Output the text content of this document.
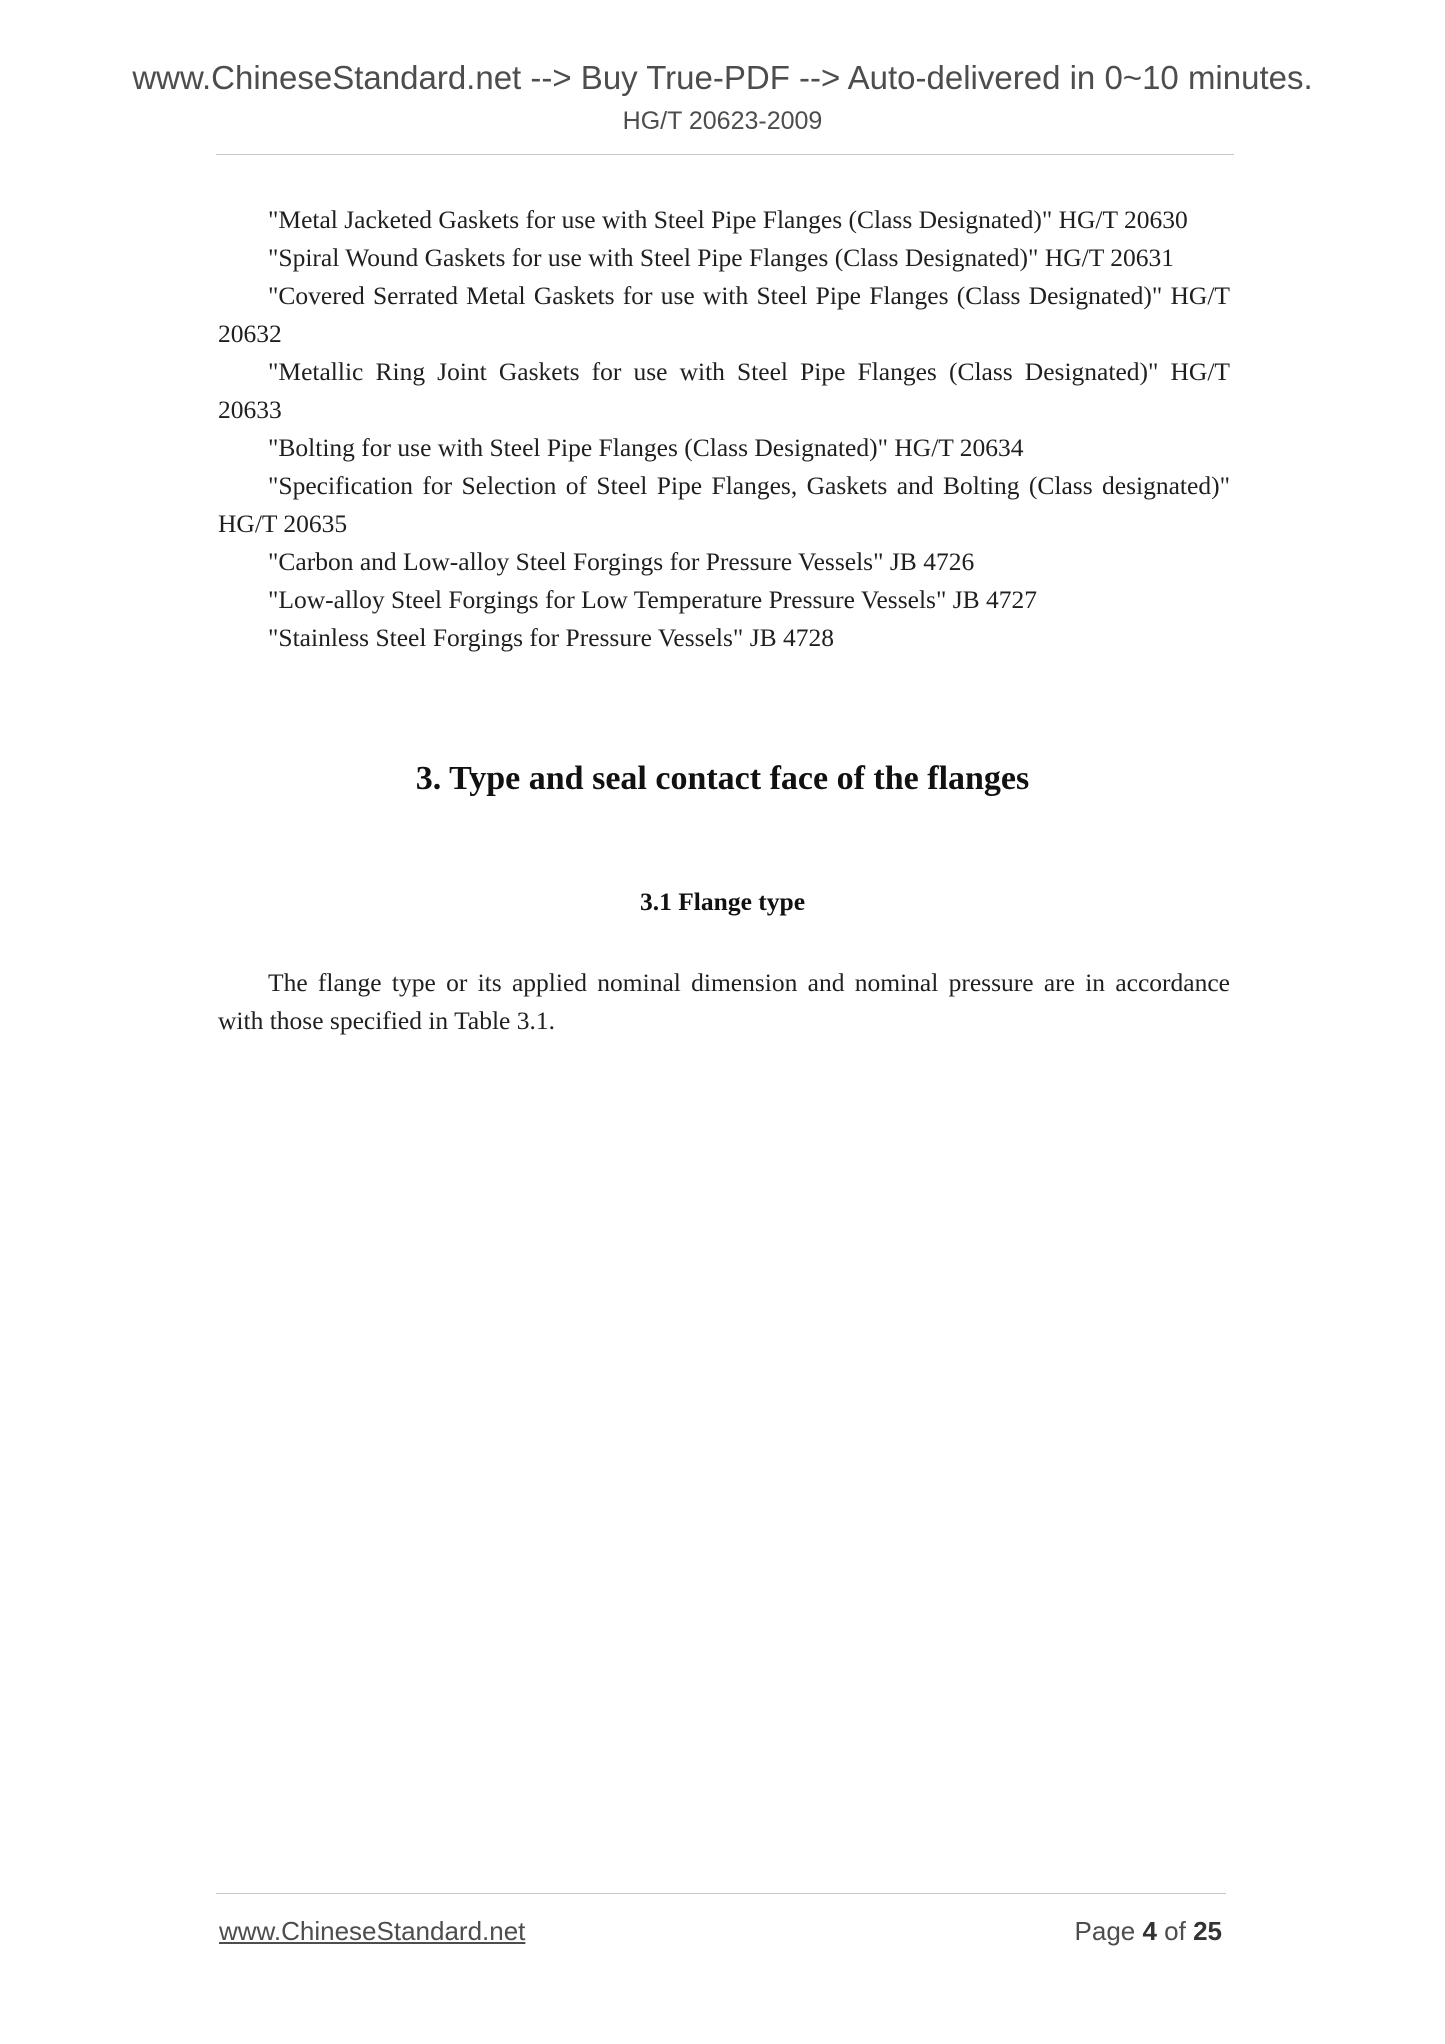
www.ChineseStandard.net --> Buy True-PDF --> Auto-delivered in 0~10 minutes.
HG/T 20623-2009

"Metal Jacketed Gaskets for use with Steel Pipe Flanges (Class Designated)" HG/T 20630

"Spiral Wound Gaskets for use with Steel Pipe Flanges (Class Designated)" HG/T 20631

"Covered Serrated Metal Gaskets for use with Steel Pipe Flanges (Class Designated)" HG/T 20632

"Metallic Ring Joint Gaskets for use with Steel Pipe Flanges (Class Designated)" HG/T 20633

"Bolting for use with Steel Pipe Flanges (Class Designated)" HG/T 20634

"Specification for Selection of Steel Pipe Flanges, Gaskets and Bolting (Class designated)" HG/T 20635

"Carbon and Low-alloy Steel Forgings for Pressure Vessels" JB 4726

"Low-alloy Steel Forgings for Low Temperature Pressure Vessels" JB 4727

"Stainless Steel Forgings for Pressure Vessels" JB 4728

3. Type and seal contact face of the flanges
3.1 Flange type

The flange type or its applied nominal dimension and nominal pressure are in accordance with those specified in Table 3.1.

www.ChineseStandard.net	Page 4 of 25
